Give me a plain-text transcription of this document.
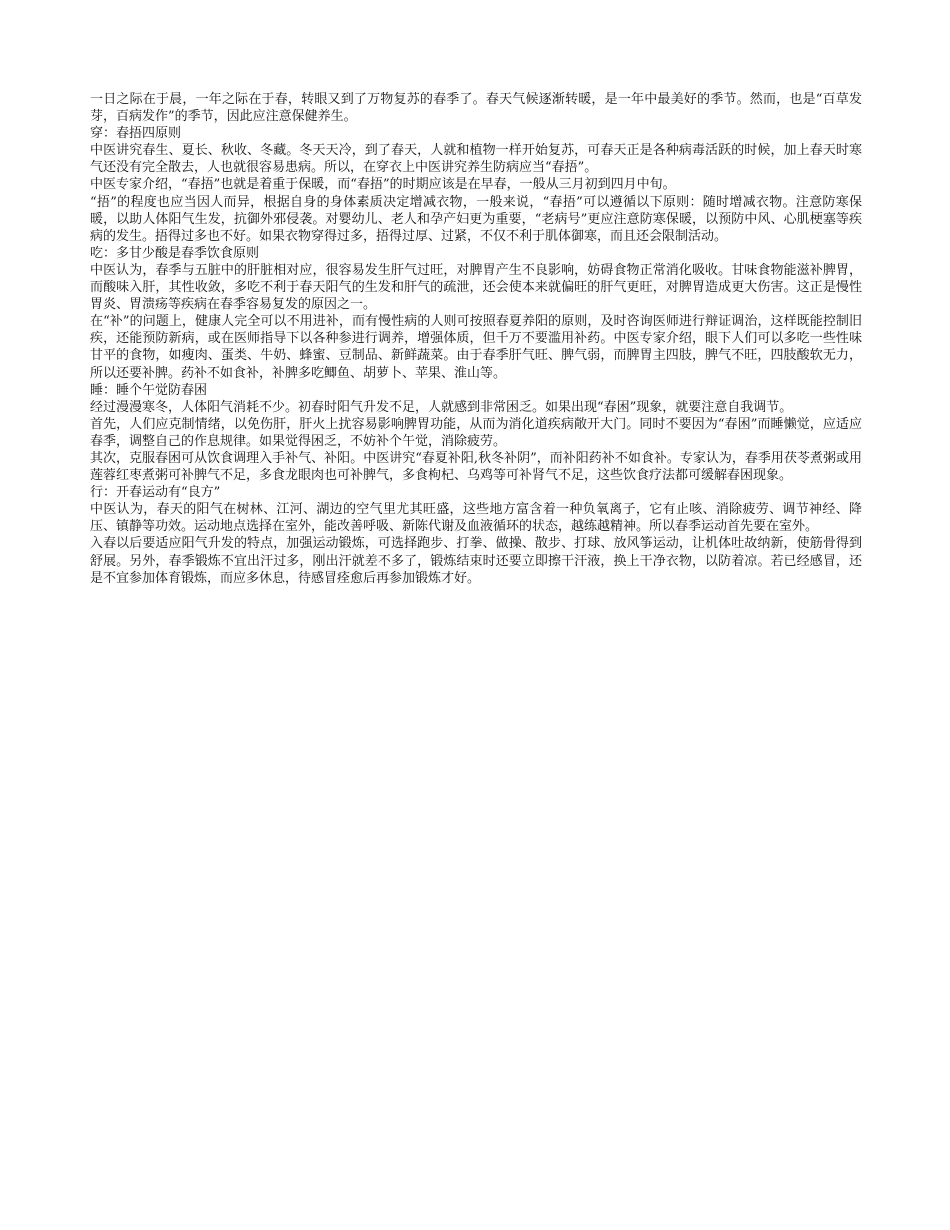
一日之际在于晨，一年之际在于春，转眼又到了万物复苏的春季了。春天气候逐渐转暖，是一年中最美好的季节。然而，也是“百草发芽，百病发作”的季节，因此应注意保健养生。

穿：春捂四原则

中医讲究春生、夏长、秋收、冬藏。冬天天冷，到了春天，人就和植物一样开始复苏，可春天正是各种病毒活跃的时候，加上春天时寒气还没有完全散去，人也就很容易患病。所以，在穿衣上中医讲究养生防病应当“春捂”。

中医专家介绍，“春捂”也就是着重于保暖，而“春捂”的时期应该是在早春，一般从三月初到四月中旬。

“捂”的程度也应当因人而异，根据自身的身体素质决定增减衣物，一般来说，“春捂”可以遵循以下原则：随时增减衣物。注意防寒保暖，以助人体阳气生发，抗御外邪侵袭。对婴幼儿、老人和孕产妇更为重要，“老病号”更应注意防寒保暖，以预防中风、心肌梗塞等疾病的发生。捂得过多也不好。如果衣物穿得过多，捂得过厚、过紧，不仅不利于肌体御寒，而且还会限制活动。

吃：多甘少酸是春季饮食原则

中医认为，春季与五脏中的肝脏相对应，很容易发生肝气过旺，对脾胃产生不良影响，妨碍食物正常消化吸收。甘味食物能滋补脾胃，而酸味入肝，其性收敛，多吃不利于春天阳气的生发和肝气的疏泄，还会使本来就偏旺的肝气更旺，对脾胃造成更大伤害。这正是慢性胃炎、胃溃疡等疾病在春季容易复发的原因之一。

在“补”的问题上，健康人完全可以不用进补，而有慢性病的人则可按照春夏养阳的原则，及时咨询医师进行辩证调治，这样既能控制旧疾，还能预防新病，或在医师指导下以各种参进行调养，增强体质，但千万不要滥用补药。中医专家介绍，眼下人们可以多吃一些性味甘平的食物，如瘦肉、蛋类、牛奶、蜂蜜、豆制品、新鲜蔬菜。由于春季肝气旺、脾气弱，而脾胃主四肢，脾气不旺，四肢酸软无力，所以还要补脾。药补不如食补，补脾多吃鲫鱼、胡萝卜、苹果、淮山等。

睡：睡个午觉防春困

经过漫漫寒冬，人体阳气消耗不少。初春时阳气升发不足，人就感到非常困乏。如果出现“春困”现象，就要注意自我调节。

首先，人们应克制情绪，以免伤肝，肝火上扰容易影响脾胃功能，从而为消化道疾病敞开大门。同时不要因为“春困”而睡懒觉，应适应春季，调整自己的作息规律。如果觉得困乏，不妨补个午觉，消除疲劳。

其次，克服春困可从饮食调理入手补气、补阳。中医讲究“春夏补阳,秋冬补阴”，而补阳药补不如食补。专家认为，春季用茯苓煮粥或用莲蓉红枣煮粥可补脾气不足，多食龙眼肉也可补脾气，多食枸杞、乌鸡等可补肾气不足，这些饮食疗法都可缓解春困现象。

行：开春运动有“良方”

中医认为，春天的阳气在树林、江河、湖边的空气里尤其旺盛，这些地方富含着一种负氧离子，它有止咳、消除疲劳、调节神经、降压、镇静等功效。运动地点选择在室外，能改善呼吸、新陈代谢及血液循环的状态，越练越精神。所以春季运动首先要在室外。

入春以后要适应阳气升发的特点，加强运动锻炼，可选择跑步、打拳、做操、散步、打球、放风筝运动，让机体吐故纳新，使筋骨得到舒展。另外，春季锻炼不宜出汗过多，刚出汗就差不多了，锻炼结束时还要立即擦干汗液，换上干净衣物，以防着凉。若已经感冒，还是不宜参加体育锻炼，而应多休息，待感冒痊愈后再参加锻炼才好。
